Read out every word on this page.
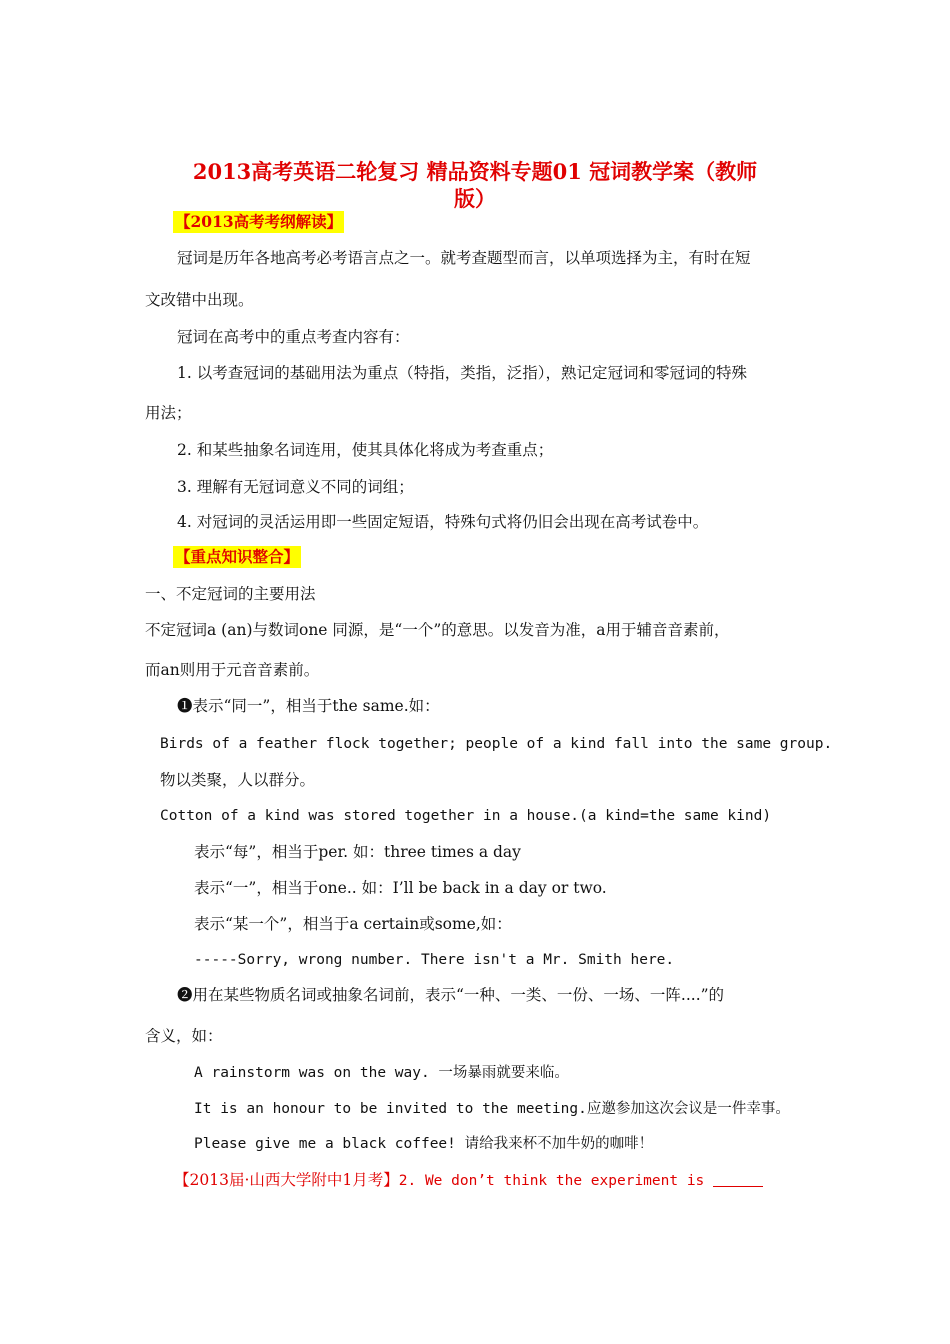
2013高考英语二轮复习 精品资料专题01 冠词教学案（教师
版）
【2013高考考纲解读】
冠词是历年各地高考必考语言点之一。就考查题型而言，以单项选择为主，有时在短
文改错中出现。
冠词在高考中的重点考查内容有：
1. 以考查冠词的基础用法为重点（特指，类指，泛指），熟记定冠词和零冠词的特殊
用法；
2. 和某些抽象名词连用，使其具体化将成为考查重点；
3. 理解有无冠词意义不同的词组；
4. 对冠词的灵活运用即一些固定短语，特殊句式将仍旧会出现在高考试卷中。
【重点知识整合】
一、不定冠词的主要用法
不定冠词a (an)与数词one 同源，是“一个”的意思。以发音为准，a用于辅音音素前，
而an则用于元音音素前。
❶表示“同一”，相当于the same.如：
Birds of a feather flock together; people of a kind fall into the same group.
物以类聚，人以群分。
Cotton of a kind was stored together in a house.(a kind=the same kind)
表示“每”，相当于per. 如：three times a day
表示“一”，相当于one.. 如：I’ll be back in a day or two.
表示“某一个”，相当于a certain或some,如：
-----Sorry, wrong number. There isn't a Mr. Smith here.
❷用在某些物质名词或抽象名词前，表示“一种、一类、一份、一场、一阵....”的
含义，如：
A rainstorm was on the way. 一场暴雨就要来临。
It is an honour to be invited to the meeting.应邀参加这次会议是一件幸事。
Please give me a black coffee! 请给我来杯不加牛奶的咖啡！
【2013届·山西大学附中1月考】2. We don’t think the experiment is
